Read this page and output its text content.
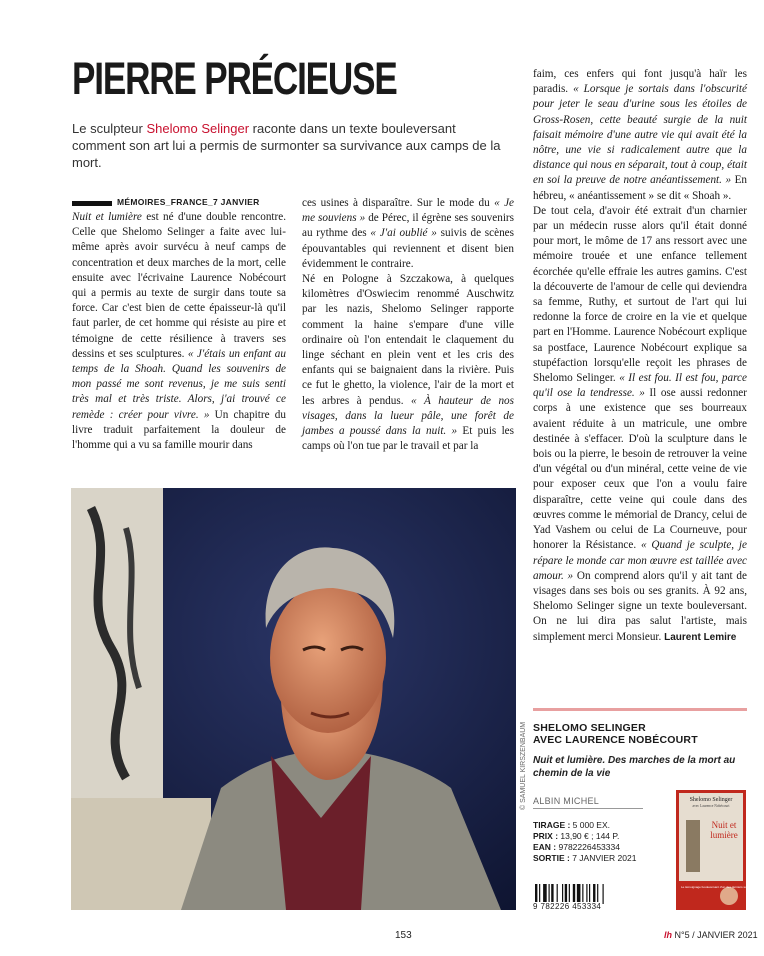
PIERRE PRÉCIEUSE

Le sculpteur Shelomo Selinger raconte dans un texte bouleversant comment son art lui a permis de surmonter sa survivance aux camps de la mort.

MÉMOIRES_FRANCE_7 JANVIER

Nuit et lumière est né d'une double rencontre. Celle que Shelomo Selinger a faite avec lui-même après avoir survécu à neuf camps de concentration et deux marches de la mort, celle ensuite avec l'écrivaine Laurence Nobécourt qui a permis au texte de surgir dans toute sa force. Car c'est bien de cette épaisseur-là qu'il faut parler, de cet homme qui résiste au pire et témoigne de cette résilience à travers ses dessins et ses sculptures. « J'étais un enfant au temps de la Shoah. Quand les souvenirs de mon passé me sont revenus, je me suis senti très mal et très triste. Alors, j'ai trouvé ce remède : créer pour vivre. » Un chapitre du livre traduit parfaitement la douleur de l'homme qui a vu sa famille mourir dans

ces usines à disparaître. Sur le mode du « Je me souviens » de Pérec, il égrène ses souvenirs au rythme des « J'ai oublié » suivis de scènes épouvantables qui reviennent et disent bien évidemment le contraire.

Né en Pologne à Szczakowa, à quelques kilomètres d'Oswiecim renommé Auschwitz par les nazis, Shelomo Selinger rapporte comment la haine s'empare d'une ville ordinaire où l'on entendait le claquement du linge séchant en plein vent et les cris des enfants qui se baignaient dans la rivière. Puis ce fut le ghetto, la violence, l'air de la mort et les arbres à pendus. « À hauteur de nos visages, dans la lueur pâle, une forêt de jambes a poussé dans la nuit. » Et puis les camps où l'on tue par le travail et par la

faim, ces enfers qui font jusqu'à haïr les paradis. « Lorsque je sortais dans l'obscurité pour jeter le seau d'urine sous les étoiles de Gross-Rosen, cette beauté surgie de la nuit faisait mémoire d'une autre vie qui avait été la nôtre, une vie si radicalement autre que la distance qui nous en séparait, tout à coup, était en soi la preuve de notre anéantissement. » En hébreu, « anéantissement » se dit « Shoah ».

De tout cela, d'avoir été extrait d'un charnier par un médecin russe alors qu'il était donné pour mort, le môme de 17 ans ressort avec une mémoire trouée et une enfance tellement écorchée qu'elle effraie les autres gamins. C'est la découverte de l'amour de celle qui deviendra sa femme, Ruthy, et surtout de l'art qui lui redonne la force de croire en la vie et quelque part en l'Homme. Laurence Nobécourt explique sa postface, Laurence Nobécourt explique sa stupéfaction lorsqu'elle reçoit les phrases de Shelomo Selinger. « Il est fou. Il est fou, parce qu'il ose la tendresse. » Il ose aussi redonner corps à une existence que ses bourreaux avaient réduite à un matricule, une ombre destinée à s'effacer. D'où la sculpture dans le bois ou la pierre, le besoin de retrouver la veine d'un végétal ou d'un minéral, cette veine de vie pour exposer ceux que l'on a voulu faire disparaître, cette veine qui coule dans des œuvres comme le mémorial de Drancy, celui de Yad Vashem ou celui de La Courneuve, pour honorer la Résistance. « Quand je sculpte, je répare le monde car mon œuvre est taillée avec amour. » On comprend alors qu'il y ait tant de visages dans ses bois ou ses granits. À 92 ans, Shelomo Selinger signe un texte bouleversant. On ne lui dira pas salut l'artiste, mais simplement merci Monsieur. Laurent Lemire

© SAMUEL KIRSZENBAUM SHELOMO SELINGER
AVEC LAURENCE NOBÉCOURT

Nuit et lumière. Des marches de la mort au chemin de la vie

ALBIN MICHEL
TIRAGE : 5 000 EX.
PRIX : 13,90 € ; 144 P.
EAN : 9782226453334
SORTIE : 7 JANVIER 2021
9 782226 453334
Shelomo Selinger
avec Laurence Nobécourt
Nuit et
lumière
Le témoignage bouleversant d'un des derniers survivants
153	lh N°5 / JANVIER 2021
